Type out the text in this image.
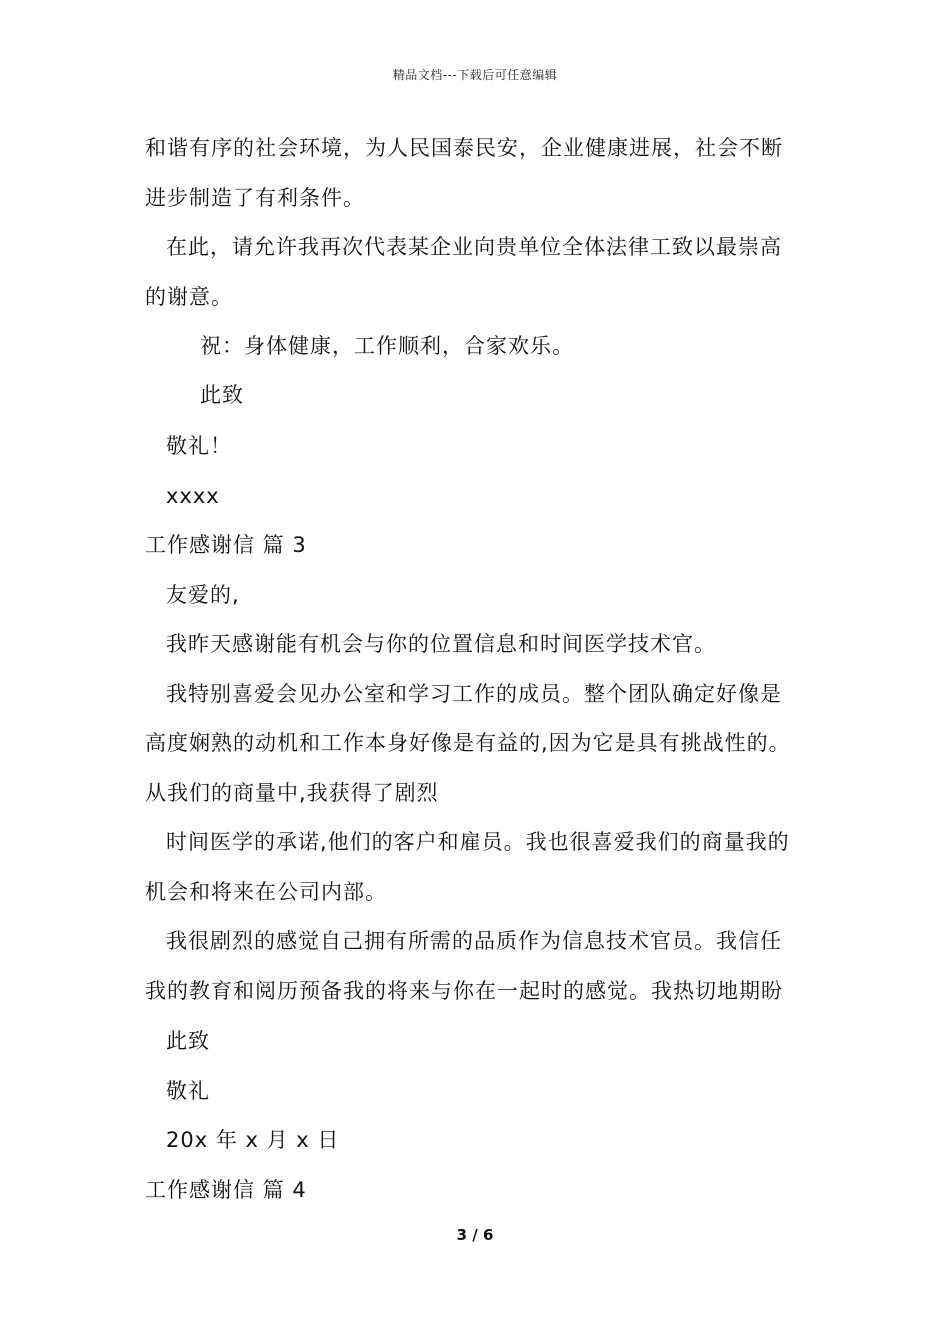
精品文档---下载后可任意编辑
和谐有序的社会环境，为人民国泰民安，企业健康进展，社会不断
进步制造了有利条件。
在此，请允许我再次代表某企业向贵单位全体法律工致以最崇高
的谢意。
祝：身体健康，工作顺利，合家欢乐。
此致
敬礼！
xxxx
工作感谢信 篇 3
友爱的,
我昨天感谢能有机会与你的位置信息和时间医学技术官。
我特别喜爱会见办公室和学习工作的成员。整个团队确定好像是
高度娴熟的动机和工作本身好像是有益的,因为它是具有挑战性的。
从我们的商量中,我获得了剧烈
时间医学的承诺,他们的客户和雇员。我也很喜爱我们的商量我的
机会和将来在公司内部。
我很剧烈的感觉自己拥有所需的品质作为信息技术官员。我信任
我的教育和阅历预备我的将来与你在一起时的感觉。我热切地期盼
此致
敬礼
20x 年 x 月 x 日
工作感谢信 篇 4
3 / 6
